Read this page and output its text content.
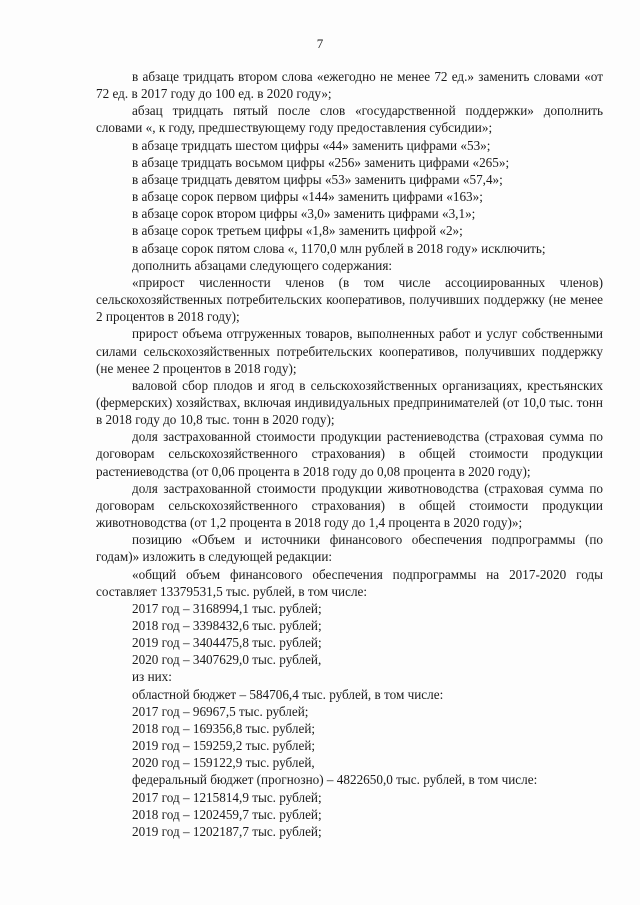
7

в абзаце тридцать втором слова «ежегодно не менее 72 ед.» заменить словами «от 72 ед. в 2017 году до 100 ед. в 2020 году»;

абзац тридцать пятый после слов «государственной поддержки» дополнить словами «, к году, предшествующему году предоставления субсидии»;

в абзаце тридцать шестом цифры «44» заменить цифрами «53»;

в абзаце тридцать восьмом цифры «256» заменить цифрами «265»;

в абзаце тридцать девятом цифры «53» заменить цифрами «57,4»;

в абзаце сорок первом цифры «144» заменить цифрами «163»;

в абзаце сорок втором цифры «3,0» заменить цифрами «3,1»;

в абзаце сорок третьем цифры «1,8» заменить цифрой «2»;

в абзаце сорок пятом слова «, 1170,0 млн рублей в 2018 году» исключить;

дополнить абзацами следующего содержания:

«прирост численности членов (в том числе ассоциированных членов) сельскохозяйственных потребительских кооперативов, получивших поддержку (не менее 2 процентов в 2018 году);

прирост объема отгруженных товаров, выполненных работ и услуг собственными силами сельскохозяйственных потребительских кооперативов, получивших поддержку (не менее 2 процентов в 2018 году);

валовой сбор плодов и ягод в сельскохозяйственных организациях, крестьянских (фермерских) хозяйствах, включая индивидуальных предпринимателей (от 10,0 тыс. тонн в 2018 году до 10,8 тыс. тонн в 2020 году);

доля застрахованной стоимости продукции растениеводства (страховая сумма по договорам сельскохозяйственного страхования) в общей стоимости продукции растениеводства (от 0,06 процента в 2018 году до 0,08 процента в 2020 году);

доля застрахованной стоимости продукции животноводства (страховая сумма по договорам сельскохозяйственного страхования) в общей стоимости продукции животноводства (от 1,2 процента в 2018 году до 1,4 процента в 2020 году)»;

позицию «Объем и источники финансового обеспечения подпрограммы (по годам)» изложить в следующей редакции:

«общий объем финансового обеспечения подпрограммы на 2017-2020 годы составляет 13379531,5 тыс. рублей, в том числе:

2017 год – 3168994,1 тыс. рублей;

2018 год – 3398432,6 тыс. рублей;

2019 год – 3404475,8 тыс. рублей;

2020 год – 3407629,0 тыс. рублей,

из них:

областной бюджет – 584706,4 тыс. рублей, в том числе:

2017 год – 96967,5 тыс. рублей;

2018 год – 169356,8 тыс. рублей;

2019 год – 159259,2 тыс. рублей;

2020 год – 159122,9 тыс. рублей,

федеральный бюджет (прогнозно) – 4822650,0 тыс. рублей, в том числе:

2017 год – 1215814,9 тыс. рублей;

2018 год – 1202459,7 тыс. рублей;

2019 год – 1202187,7 тыс. рублей;
